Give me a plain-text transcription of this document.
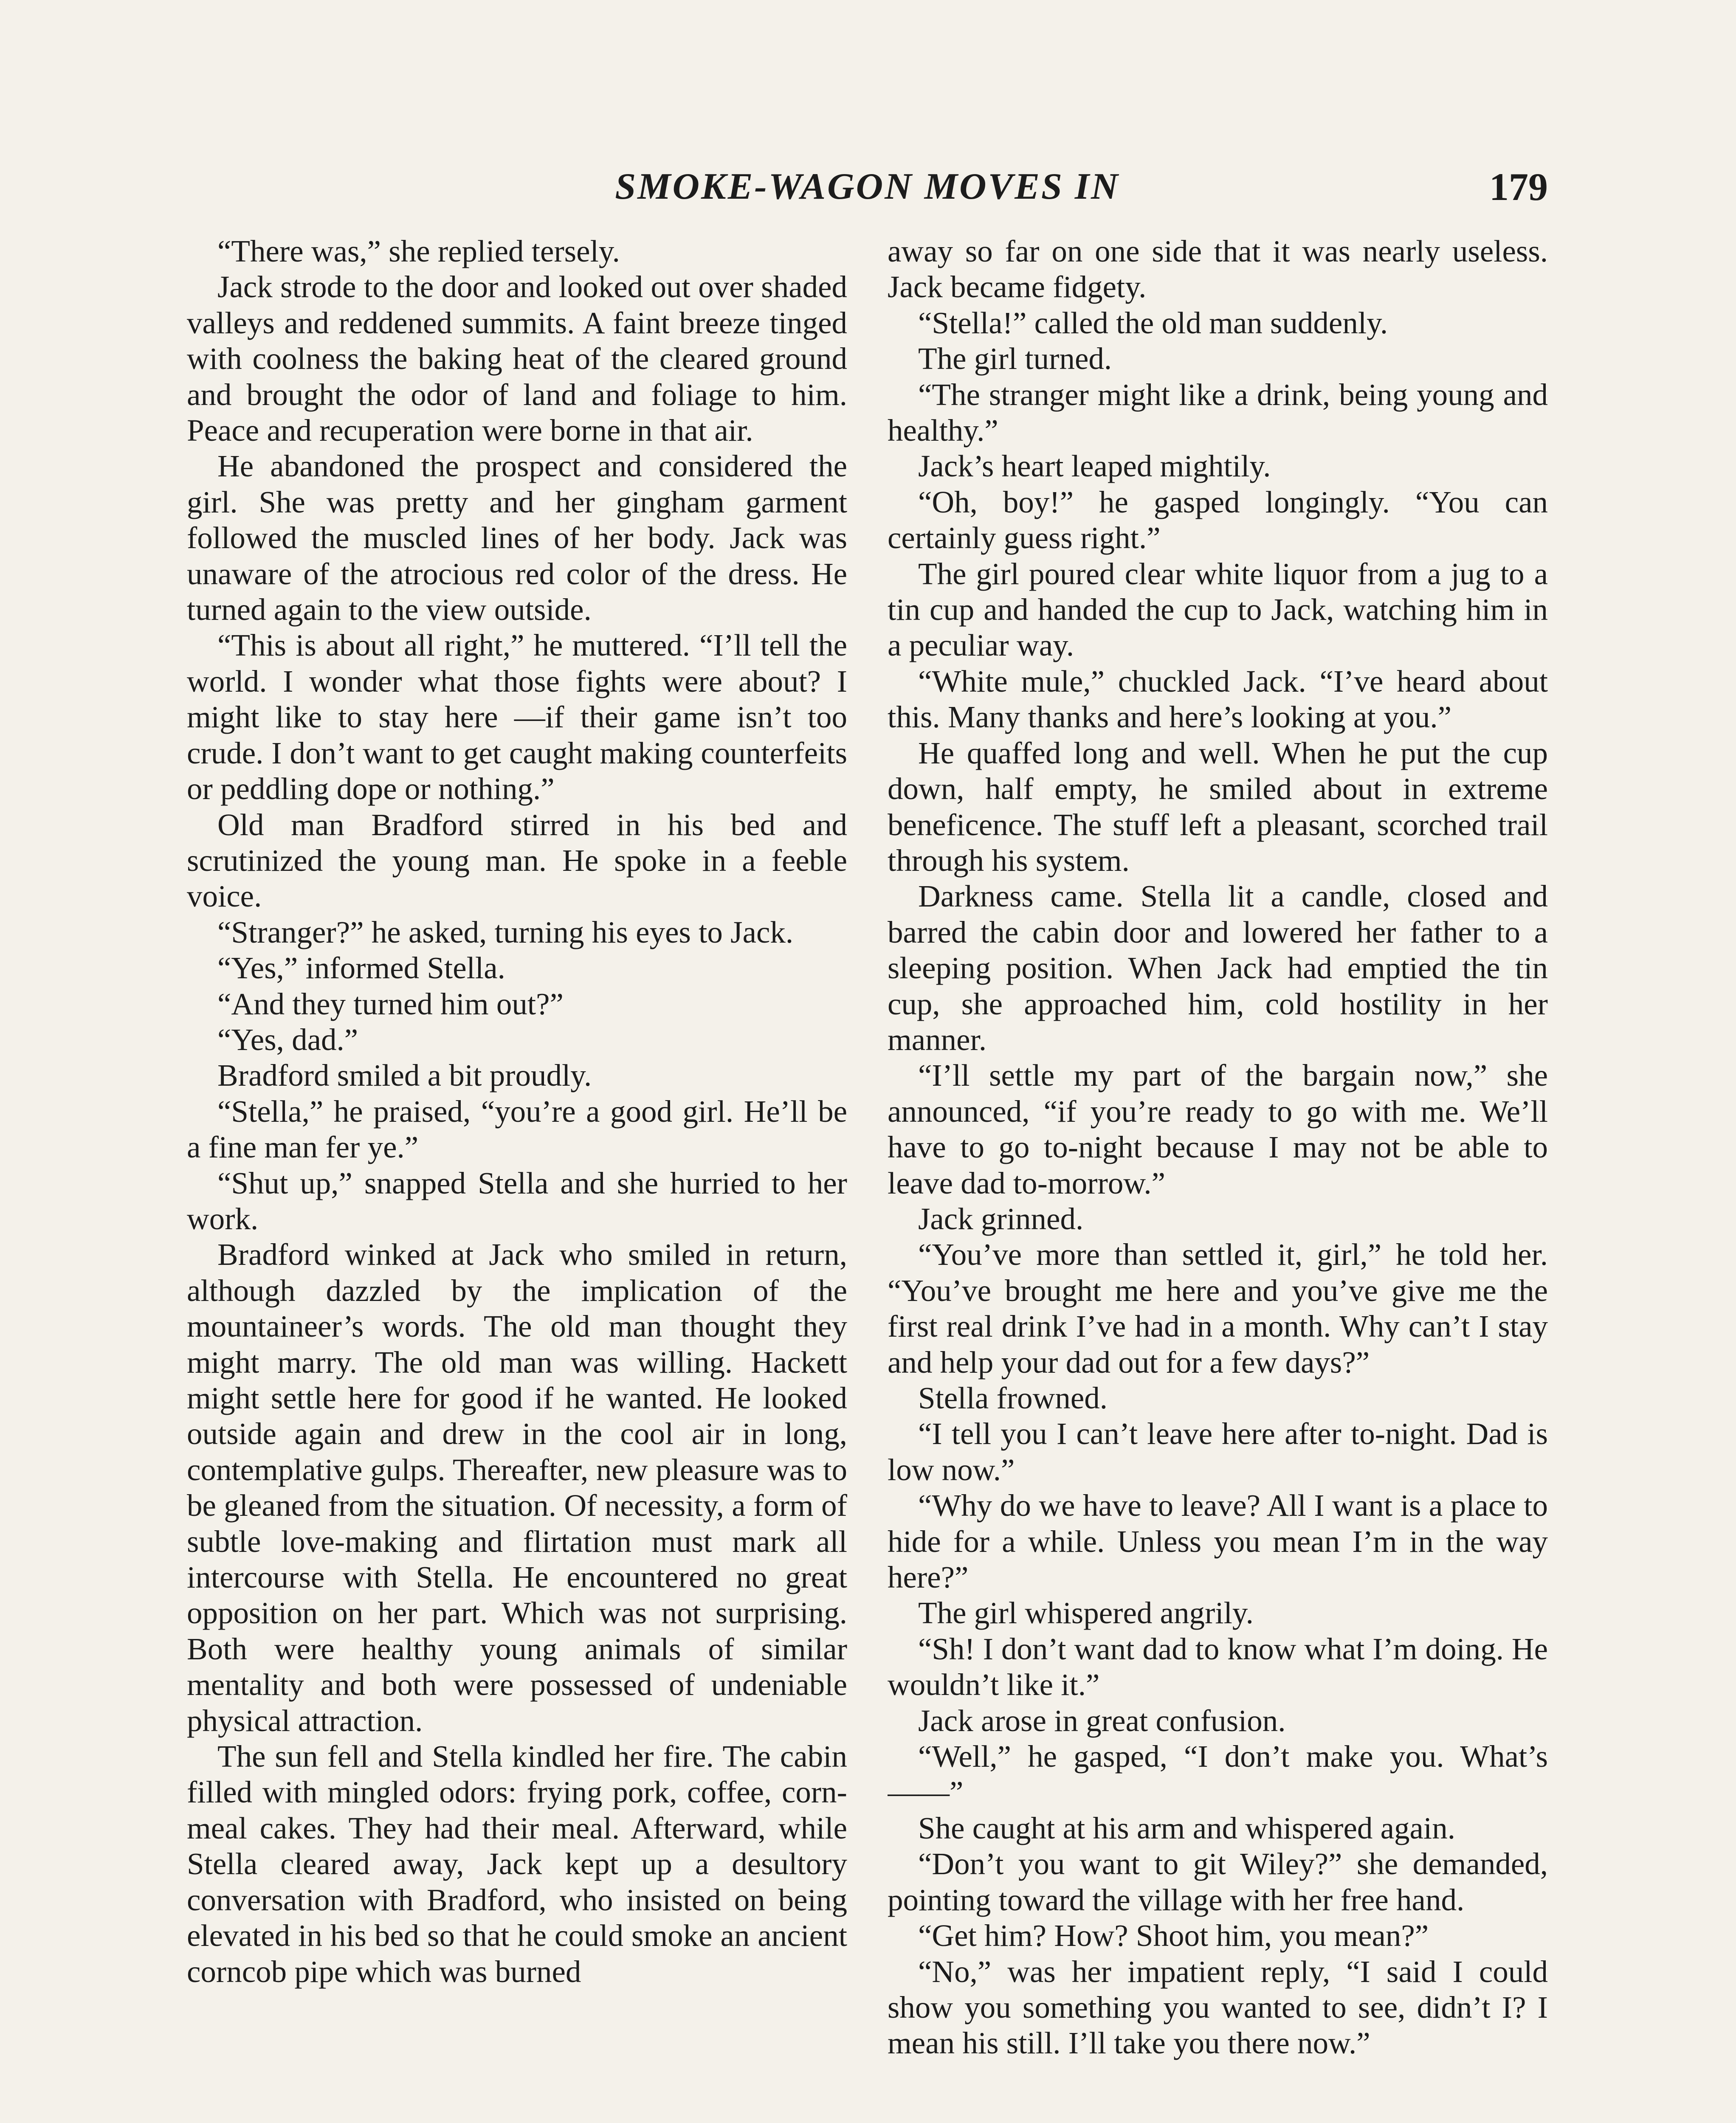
SMOKE-WAGON MOVES IN	179

“There was,” she replied tersely.

Jack strode to the door and looked out over shaded valleys and reddened summits. A faint breeze tinged with coolness the baking heat of the cleared ground and brought the odor of land and foliage to him. Peace and recuperation were borne in that air.

He abandoned the prospect and considered the girl. She was pretty and her gingham garment followed the muscled lines of her body. Jack was unaware of the atrocious red color of the dress. He turned again to the view outside.

“This is about all right,” he muttered. “I’ll tell the world. I wonder what those fights were about? I might like to stay here —if their game isn’t too crude. I don’t want to get caught making counterfeits or peddling dope or nothing.”

Old man Bradford stirred in his bed and scrutinized the young man. He spoke in a feeble voice.

“Stranger?” he asked, turning his eyes to Jack.

“Yes,” informed Stella.

“And they turned him out?”

“Yes, dad.”

Bradford smiled a bit proudly.

“Stella,” he praised, “you’re a good girl. He’ll be a fine man fer ye.”

“Shut up,” snapped Stella and she hurried to her work.

Bradford winked at Jack who smiled in return, although dazzled by the implication of the mountaineer’s words. The old man thought they might marry. The old man was willing. Hackett might settle here for good if he wanted. He looked outside again and drew in the cool air in long, contemplative gulps. Thereafter, new pleasure was to be gleaned from the situation. Of necessity, a form of subtle love-making and flirtation must mark all intercourse with Stella. He encountered no great opposition on her part. Which was not surprising. Both were healthy young animals of similar mentality and both were possessed of undeniable physical attraction.

The sun fell and Stella kindled her fire. The cabin filled with mingled odors: frying pork, coffee, corn-meal cakes. They had their meal. Afterward, while Stella cleared away, Jack kept up a desultory conversation with Bradford, who insisted on being elevated in his bed so that he could smoke an ancient corncob pipe which was burned

away so far on one side that it was nearly useless. Jack became fidgety.

“Stella!” called the old man suddenly.

The girl turned.

“The stranger might like a drink, being young and healthy.”

Jack’s heart leaped mightily.

“Oh, boy!” he gasped longingly. “You can certainly guess right.”

The girl poured clear white liquor from a jug to a tin cup and handed the cup to Jack, watching him in a peculiar way.

“White mule,” chuckled Jack. “I’ve heard about this. Many thanks and here’s looking at you.”

He quaffed long and well. When he put the cup down, half empty, he smiled about in extreme beneficence. The stuff left a pleasant, scorched trail through his system.

Darkness came. Stella lit a candle, closed and barred the cabin door and lowered her father to a sleeping position. When Jack had emptied the tin cup, she approached him, cold hostility in her manner.

“I’ll settle my part of the bargain now,” she announced, “if you’re ready to go with me. We’ll have to go to-night because I may not be able to leave dad to-morrow.”

Jack grinned.

“You’ve more than settled it, girl,” he told her. “You’ve brought me here and you’ve give me the first real drink I’ve had in a month. Why can’t I stay and help your dad out for a few days?”

Stella frowned.

“I tell you I can’t leave here after to-night. Dad is low now.”

“Why do we have to leave? All I want is a place to hide for a while. Unless you mean I’m in the way here?”

The girl whispered angrily.

“Sh! I don’t want dad to know what I’m doing. He wouldn’t like it.”

Jack arose in great confusion.

“Well,” he gasped, “I don’t make you. What’s——”

She caught at his arm and whispered again.

“Don’t you want to git Wiley?” she demanded, pointing toward the village with her free hand.

“Get him? How? Shoot him, you mean?”

“No,” was her impatient reply, “I said I could show you something you wanted to see, didn’t I? I mean his still. I’ll take you there now.”
